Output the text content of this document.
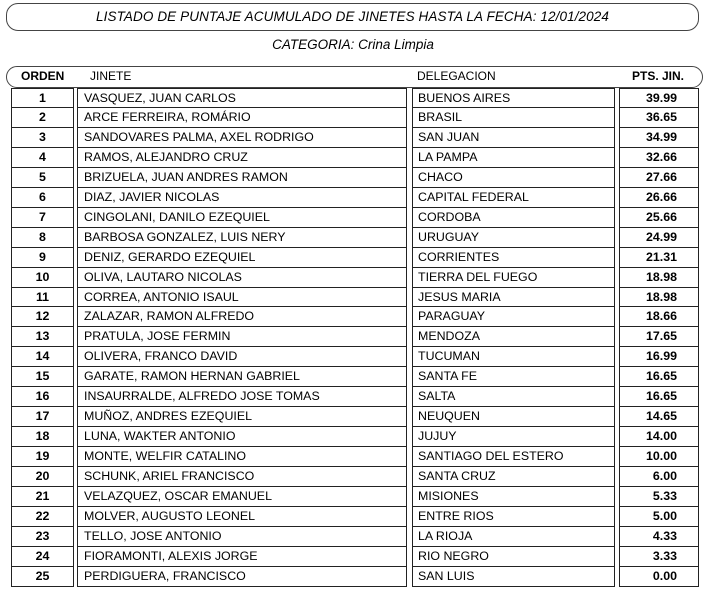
LISTADO DE PUNTAJE ACUMULADO DE JINETES HASTA LA FECHA: 12/01/2024
CATEGORIA: Crina Limpia
ORDEN JINETE	DELEGACION	PTS. JIN.
1	VASQUEZ, JUAN CARLOS	BUENOS AIRES	39.99
2	ARCE FERREIRA, ROMÁRIO	BRASIL	36.65
3	SANDOVARES PALMA, AXEL RODRIGO	SAN JUAN	34.99
4	RAMOS, ALEJANDRO CRUZ	LA PAMPA	32.66
5	BRIZUELA, JUAN ANDRES RAMON	CHACO	27.66
6	DIAZ, JAVIER NICOLAS	CAPITAL FEDERAL	26.66
7	CINGOLANI, DANILO EZEQUIEL	CORDOBA	25.66
8	BARBOSA GONZALEZ, LUIS NERY	URUGUAY	24.99
9	DENIZ, GERARDO EZEQUIEL	CORRIENTES	21.31
10	OLIVA, LAUTARO NICOLAS	TIERRA DEL FUEGO	18.98
11	CORREA, ANTONIO ISAUL	JESUS MARIA	18.98
12	ZALAZAR, RAMON ALFREDO	PARAGUAY	18.66
13	PRATULA, JOSE FERMIN	MENDOZA	17.65
14	OLIVERA, FRANCO DAVID	TUCUMAN	16.99
15	GARATE, RAMON HERNAN GABRIEL	SANTA FE	16.65
16	INSAURRALDE, ALFREDO JOSE TOMAS	SALTA	16.65
17	MUÑOZ, ANDRES EZEQUIEL	NEUQUEN	14.65
18	LUNA, WAKTER ANTONIO	JUJUY	14.00
19	MONTE, WELFIR CATALINO	SANTIAGO DEL ESTERO	10.00
20	SCHUNK, ARIEL FRANCISCO	SANTA CRUZ	6.00
21	VELAZQUEZ, OSCAR EMANUEL	MISIONES	5.33
22	MOLVER, AUGUSTO LEONEL	ENTRE RIOS	5.00
23	TELLO, JOSE ANTONIO	LA RIOJA	4.33
24	FIORAMONTI, ALEXIS JORGE	RIO NEGRO	3.33
25	PERDIGUERA, FRANCISCO	SAN LUIS	0.00
